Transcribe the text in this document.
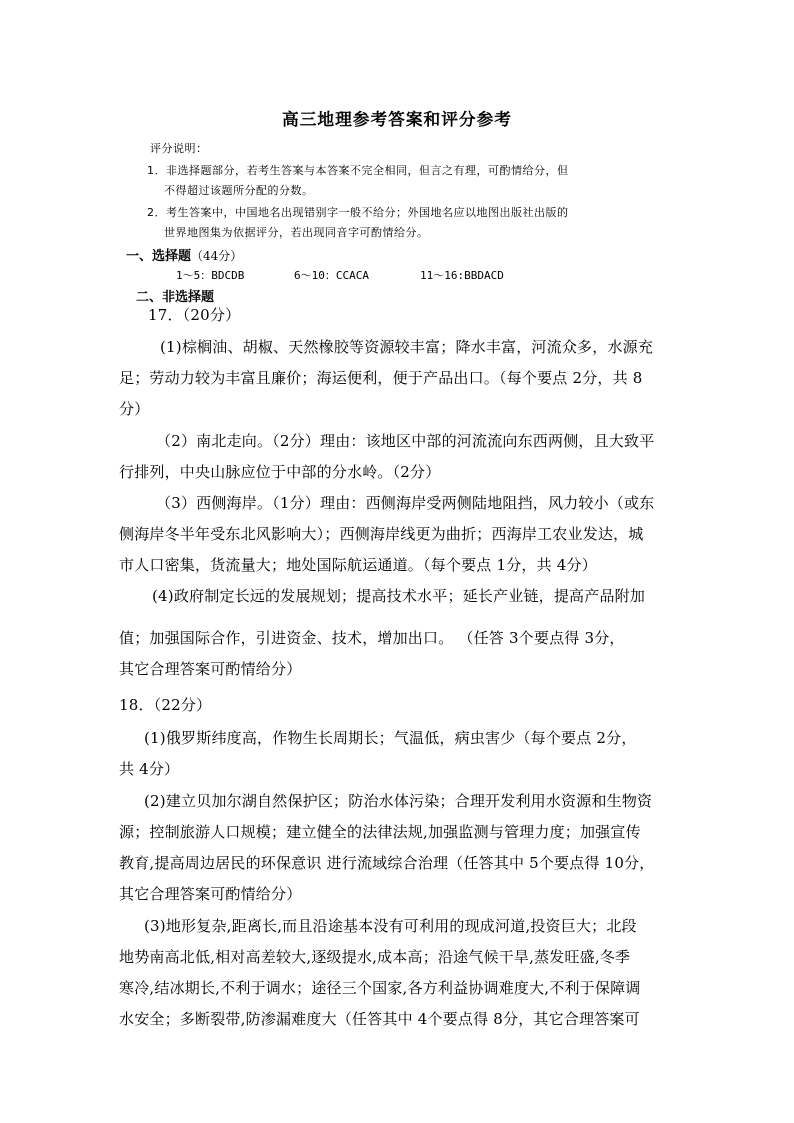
高三地理参考答案和评分参考
评分说明：
1．非选择题部分，若考生答案与本答案不完全相同，但言之有理，可酌情给分，但
不得超过该题所分配的分数。
2．考生答案中，中国地名出现错别字一般不给分；外国地名应以地图出版社出版的
世界地图集为依据评分，若出现同音字可酌情给分。
一、选择题（44分）
1～5：BDCDB	6～10：CCACA	11～16:BBDACD
二、非选择题
17．（20分）
(1)棕榈油、胡椒、天然橡胶等资源较丰富；降水丰富，河流众多，水源充
足；劳动力较为丰富且廉价；海运便利，便于产品出口。（每个要点 2分，共 8
分）
（2）南北走向。（2分）理由：该地区中部的河流流向东西两侧，且大致平
行排列，中央山脉应位于中部的分水岭。（2分）
（3）西侧海岸。（1分）理由：西侧海岸受两侧陆地阻挡，风力较小（或东
侧海岸冬半年受东北风影响大）；西侧海岸线更为曲折；西海岸工农业发达，城
市人口密集，货流量大；地处国际航运通道。（每个要点 1分，共 4分）
(4)政府制定长远的发展规划；提高技术水平；延长产业链，提高产品附加
值；加强国际合作，引进资金、技术，增加出口。 （任答 3个要点得 3分，
其它合理答案可酌情给分）
18．（22分）
(1)俄罗斯纬度高，作物生长周期长；气温低，病虫害少（每个要点 2分，
共 4分）
(2)建立贝加尔湖自然保护区；防治水体污染；合理开发利用水资源和生物资
源；控制旅游人口规模；建立健全的法律法规,加强监测与管理力度；加强宣传
教育,提高周边居民的环保意识 进行流域综合治理（任答其中 5个要点得 10分，
其它合理答案可酌情给分）
(3)地形复杂,距离长,而且沿途基本没有可利用的现成河道,投资巨大；北段
地势南高北低,相对高差较大,逐级提水,成本高；沿途气候干旱,蒸发旺盛,冬季
寒冷,结冰期长,不利于调水；途径三个国家,各方利益协调难度大,不利于保障调
水安全；多断裂带,防渗漏难度大（任答其中 4个要点得 8分，其它合理答案可
